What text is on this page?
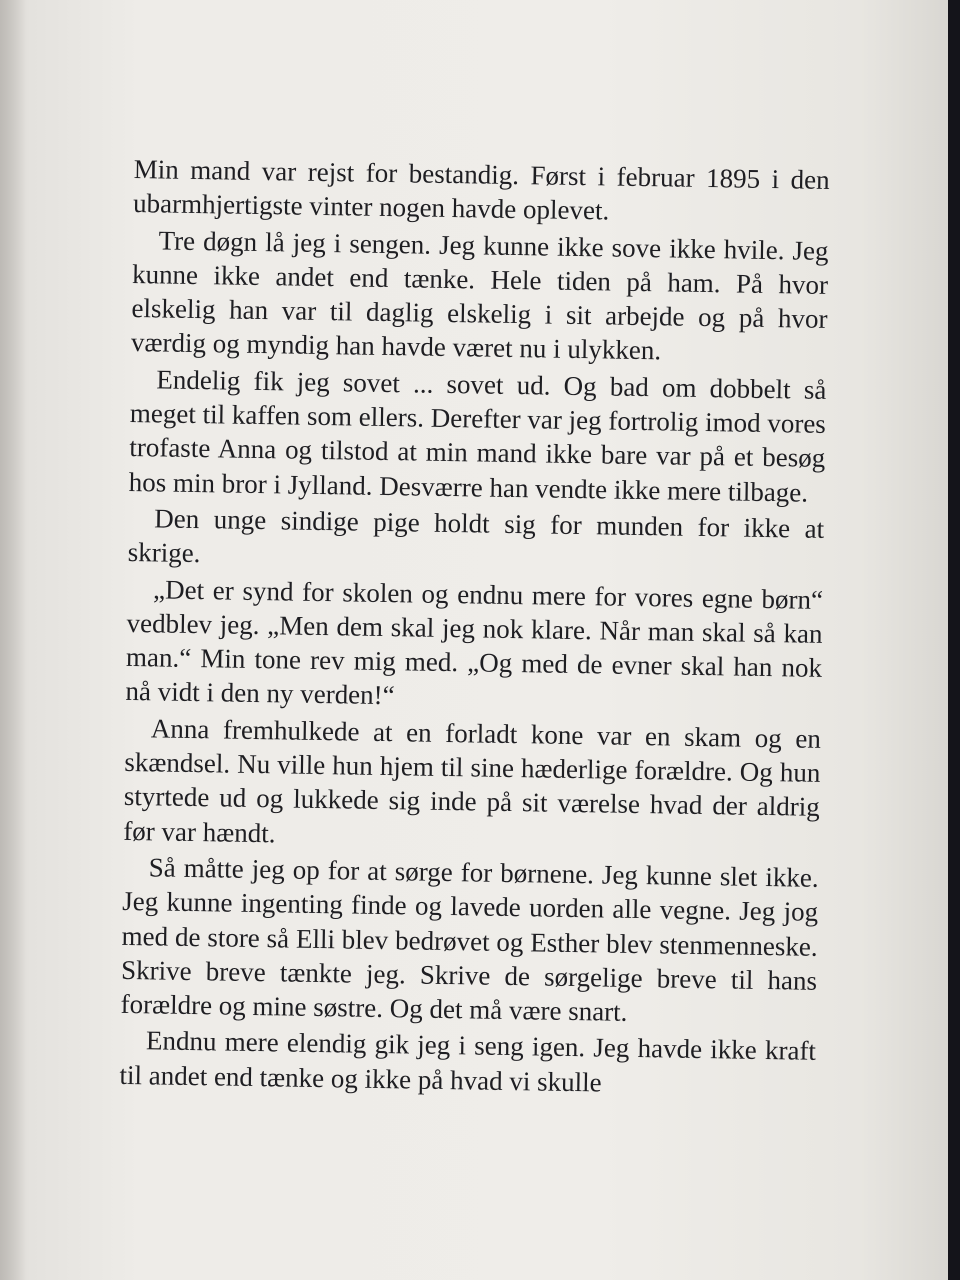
Min mand var rejst for bestandig. Først i februar 1895 i den ubarmhjertigste vinter nogen havde oplevet.

Tre døgn lå jeg i sengen. Jeg kunne ikke sove ikke hvile. Jeg kunne ikke andet end tænke. Hele tiden på ham. På hvor elskelig han var til daglig elskelig i sit arbejde og på hvor værdig og myndig han havde været nu i ulykken.

Endelig fik jeg sovet ... sovet ud. Og bad om dobbelt så meget til kaffen som ellers. Derefter var jeg fortrolig imod vores trofaste Anna og tilstod at min mand ikke bare var på et besøg hos min bror i Jylland. Desværre han vendte ikke mere tilbage.

Den unge sindige pige holdt sig for munden for ikke at skrige.

„Det er synd for skolen og endnu mere for vores egne børn“ vedblev jeg. „Men dem skal jeg nok klare. Når man skal så kan man.“ Min tone rev mig med. „Og med de evner skal han nok nå vidt i den ny verden!“

Anna fremhulkede at en forladt kone var en skam og en skændsel. Nu ville hun hjem til sine hæderlige forældre. Og hun styrtede ud og lukkede sig inde på sit værelse hvad der aldrig før var hændt.

Så måtte jeg op for at sørge for børnene. Jeg kunne slet ikke. Jeg kunne ingenting finde og lavede uorden alle vegne. Jeg jog med de store så Elli blev bedrøvet og Esther blev stenmenneske. Skrive breve tænkte jeg. Skrive de sørgelige breve til hans forældre og mine søstre. Og det må være snart.

Endnu mere elendig gik jeg i seng igen. Jeg havde ikke kraft til andet end tænke og ikke på hvad vi skulle
